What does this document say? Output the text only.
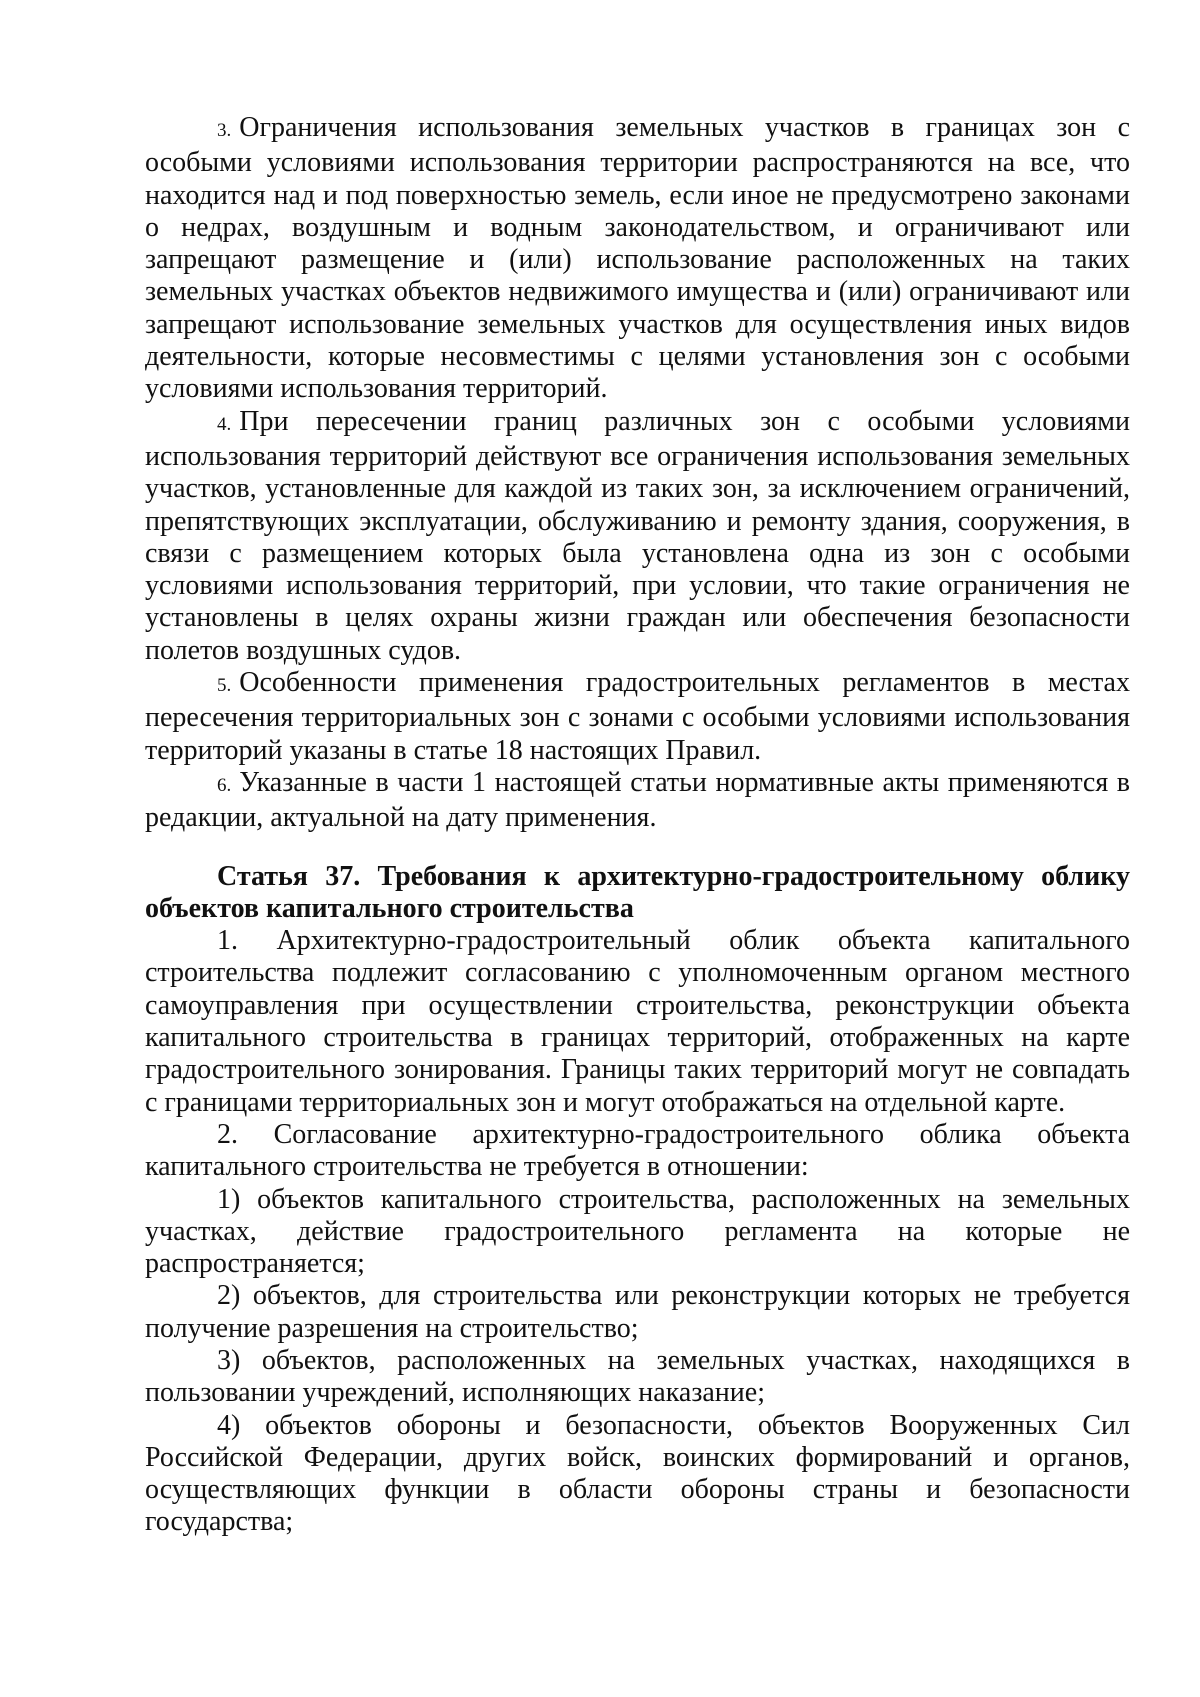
3. Ограничения использования земельных участков в границах зон с особыми условиями использования территории распространяются на все, что находится над и под поверхностью земель, если иное не предусмотрено законами о недрах, воздушным и водным законодательством, и ограничивают или запрещают размещение и (или) использование расположенных на таких земельных участках объектов недвижимого имущества и (или) ограничивают или запрещают использование земельных участков для осуществления иных видов деятельности, которые несовместимы с целями установления зон с особыми условиями использования территорий.

4. При пересечении границ различных зон с особыми условиями использования территорий действуют все ограничения использования земельных участков, установленные для каждой из таких зон, за исключением ограничений, препятствующих эксплуатации, обслуживанию и ремонту здания, сооружения, в связи с размещением которых была установлена одна из зон с особыми условиями использования территорий, при условии, что такие ограничения не установлены в целях охраны жизни граждан или обеспечения безопасности полетов воздушных судов.

5. Особенности применения градостроительных регламентов в местах пересечения территориальных зон с зонами с особыми условиями использования территорий указаны в статье 18 настоящих Правил.

6. Указанные в части 1 настоящей статьи нормативные акты применяются в редакции, актуальной на дату применения.

Статья 37. Требования к архитектурно-градостроительному облику объектов капитального строительства

1. Архитектурно-градостроительный облик объекта капитального строительства подлежит согласованию с уполномоченным органом местного самоуправления при осуществлении строительства, реконструкции объекта капитального строительства в границах территорий, отображенных на карте градостроительного зонирования. Границы таких территорий могут не совпадать с границами территориальных зон и могут отображаться на отдельной карте.

2. Согласование архитектурно-градостроительного облика объекта капитального строительства не требуется в отношении:

1) объектов капитального строительства, расположенных на земельных участках, действие градостроительного регламента на которые не распространяется;

2) объектов, для строительства или реконструкции которых не требуется получение разрешения на строительство;

3) объектов, расположенных на земельных участках, находящихся в пользовании учреждений, исполняющих наказание;

4) объектов обороны и безопасности, объектов Вооруженных Сил Российской Федерации, других войск, воинских формирований и органов, осуществляющих функции в области обороны страны и безопасности государства;
